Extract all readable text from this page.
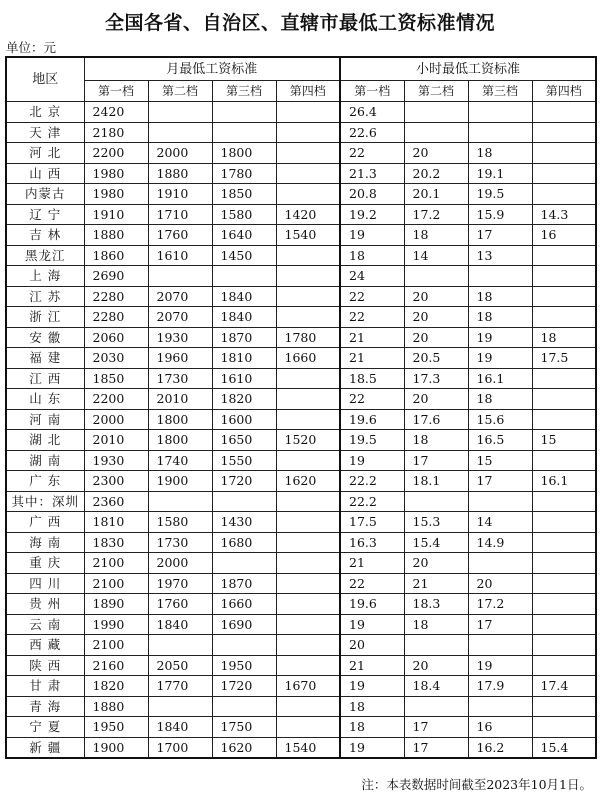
全国各省、自治区、直辖市最低工资标准情况
单位：元
地区	月最低工资标准				小时最低工资标准			
	第一档	第二档	第三档	第四档	第一档	第二档	第三档	第四档
北 京	2420				26.4			
天 津	2180				22.6			
河 北	2200	2000	1800		22	20	18	
山 西	1980	1880	1780		21.3	20.2	19.1	
内蒙古	1980	1910	1850		20.8	20.1	19.5	
辽 宁	1910	1710	1580	1420	19.2	17.2	15.9	14.3
吉 林	1880	1760	1640	1540	19	18	17	16
黑龙江	1860	1610	1450		18	14	13	
上 海	2690				24			
江 苏	2280	2070	1840		22	20	18	
浙 江	2280	2070	1840		22	20	18	
安 徽	2060	1930	1870	1780	21	20	19	18
福 建	2030	1960	1810	1660	21	20.5	19	17.5
江 西	1850	1730	1610		18.5	17.3	16.1	
山 东	2200	2010	1820		22	20	18	
河 南	2000	1800	1600		19.6	17.6	15.6	
湖 北	2010	1800	1650	1520	19.5	18	16.5	15
湖 南	1930	1740	1550		19	17	15	
广 东	2300	1900	1720	1620	22.2	18.1	17	16.1
其中：深圳	2360				22.2			
广 西	1810	1580	1430		17.5	15.3	14	
海 南	1830	1730	1680		16.3	15.4	14.9	
重 庆	2100	2000			21	20		
四 川	2100	1970	1870		22	21	20	
贵 州	1890	1760	1660		19.6	18.3	17.2	
云 南	1990	1840	1690		19	18	17	
西 藏	2100				20			
陕 西	2160	2050	1950		21	20	19	
甘 肃	1820	1770	1720	1670	19	18.4	17.9	17.4
青 海	1880				18			
宁 夏	1950	1840	1750		18	17	16	
新 疆	1900	1700	1620	1540	19	17	16.2	15.4
注：本表数据时间截至2023年10月1日。
